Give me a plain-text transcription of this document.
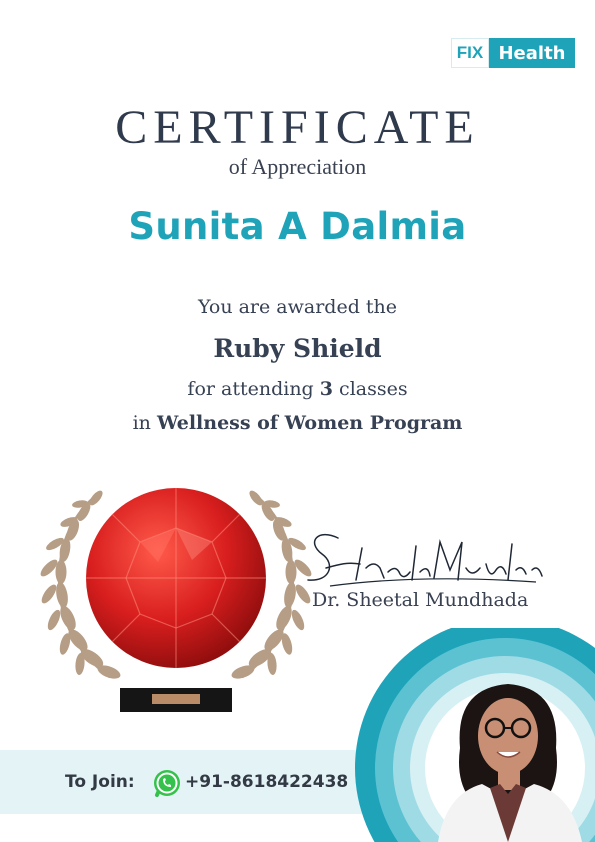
FIX Health
CERTIFICATE
of Appreciation
Sunita A Dalmia
You are awarded the
Ruby Shield
for attending 3 classes
in Wellness of Women Program
Dr. Sheetal Mundhada
To Join:	+91-8618422438
